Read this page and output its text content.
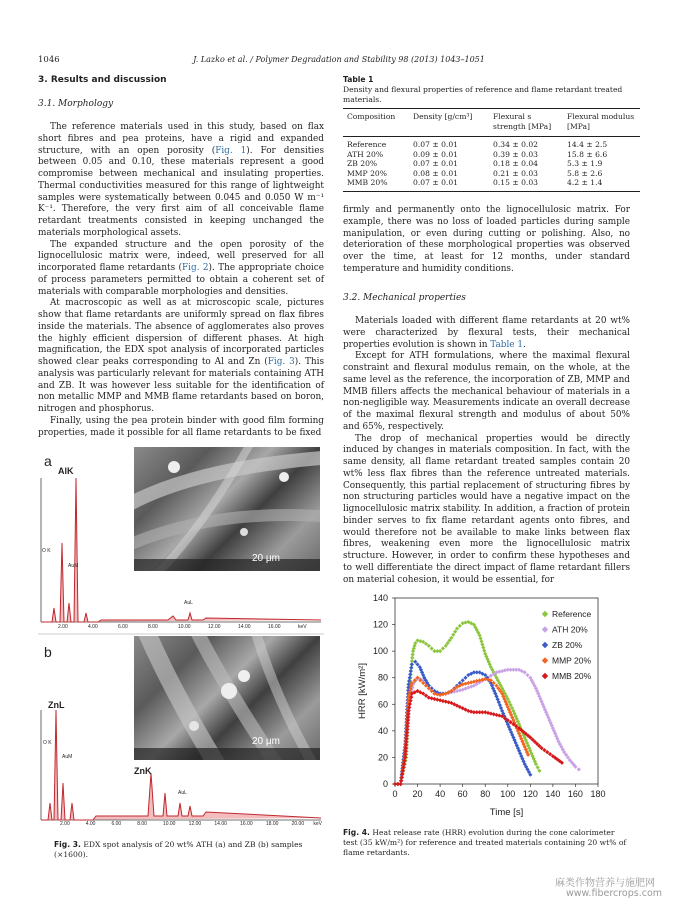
1046	J. Lazko et al. / Polymer Degradation and Stability 98 (2013) 1043–1051
3. Results and discussion
3.1. Morphology

The reference materials used in this study, based on flax short fibres and pea proteins, have a rigid and expanded structure, with an open porosity (Fig. 1). For densities between 0.05 and 0.10, these materials represent a good compromise between mechanical and insulating properties. Thermal conductivities measured for this range of lightweight samples were systematically between 0.045 and 0.050 W m⁻¹ K⁻¹. Therefore, the very first aim of all conceivable flame retardant treatments consisted in keeping unchanged the materials morphological assets.

The expanded structure and the open porosity of the lignocellulosic matrix were, indeed, well preserved for all incorporated flame retardants (Fig. 2). The appropriate choice of process parameters permitted to obtain a coherent set of materials with comparable morphologies and densities.

At macroscopic as well as at microscopic scale, pictures show that flame retardants are uniformly spread on flax fibres inside the materials. The absence of agglomerates also proves the highly efficient dispersion of different phases. At high magnification, the EDX spot analysis of incorporated particles showed clear peaks corresponding to Al and Zn (Fig. 3). This analysis was particularly relevant for materials containing ATH and ZB. It was however less suitable for the identification of non metallic MMP and MMB flame retardants based on boron, nitrogen and phosphorus.

Finally, using the pea protein binder with good film forming properties, made it possible for all flame retardants to be fixed

a
AlK
20 μm
O K
AuM
AuL
2.00	4.00	6.00	8.00	10.00	12.00	14.00	16.00	keV
b
20 μm
ZnL
ZnK
O K
AuM
AuL
2.00	4.00	6.00	8.00	10.00	12.00	14.00	16.00	18.00	20.00	keV
Fig. 3. EDX spot analysis of 20 wt% ATH (a) and ZB (b) samples (×1600).
Table 1
Density and flexural properties of reference and flame retardant treated materials.
Composition	Density [g/cm³]	Flexural s strength [MPa]	Flexural modulus [MPa]
Reference	0.07 ± 0.01	0.34 ± 0.02	14.4 ± 2.5
ATH 20%	0.09 ± 0.01	0.39 ± 0.03	15.8 ± 6.6
ZB 20%	0.07 ± 0.01	0.18 ± 0.04	5.3 ± 1.9
MMP 20%	0.08 ± 0.01	0.21 ± 0.03	5.8 ± 2.6
MMB 20%	0.07 ± 0.01	0.15 ± 0.03	4.2 ± 1.4

firmly and permanently onto the lignocellulosic matrix. For example, there was no loss of loaded particles during sample manipulation, or even during cutting or polishing. Also, no deterioration of these morphological properties was observed over the time, at least for 12 months, under standard temperature and humidity conditions.

3.2. Mechanical properties

Materials loaded with different flame retardants at 20 wt% were characterized by flexural tests, their mechanical properties evolution is shown in Table 1.

Except for ATH formulations, where the maximal flexural constraint and flexural modulus remain, on the whole, at the same level as the reference, the incorporation of ZB, MMP and MMB fillers affects the mechanical behaviour of materials in a non-negligible way. Measurements indicate an overall decrease of the maximal flexural strength and modulus of about 50% and 65%, respectively.

The drop of mechanical properties would be directly induced by changes in materials composition. In fact, with the same density, all flame retardant treated samples contain 20 wt% less flax fibres than the reference untreated materials. Consequently, this partial replacement of structuring fibres by non structuring particles would have a negative impact on the lignocellulosic matrix stability. In addition, a fraction of protein binder serves to fix flame retardant agents onto fibres, and would therefore not be available to make links between flax fibres, weakening even more the lignocellulosic matrix structure. However, in order to confirm these hypotheses and to well differentiate the direct impact of flame retardant fillers on material cohesion, it would be essential, for

0
20
40
60
80
100
120
140
0 20 40 60 80 100 120 140 160 180
Time [s]
HRR [kW/m²]
Reference
ATH 20%
ZB 20%
MMP 20%
MMB 20%
Fig. 4. Heat release rate (HRR) evolution during the cone calorimeter test (35 kW/m²) for reference and treated materials containing 20 wt% of flame retardants.
麻类作物营养与施肥网
www.fibercrops.com
